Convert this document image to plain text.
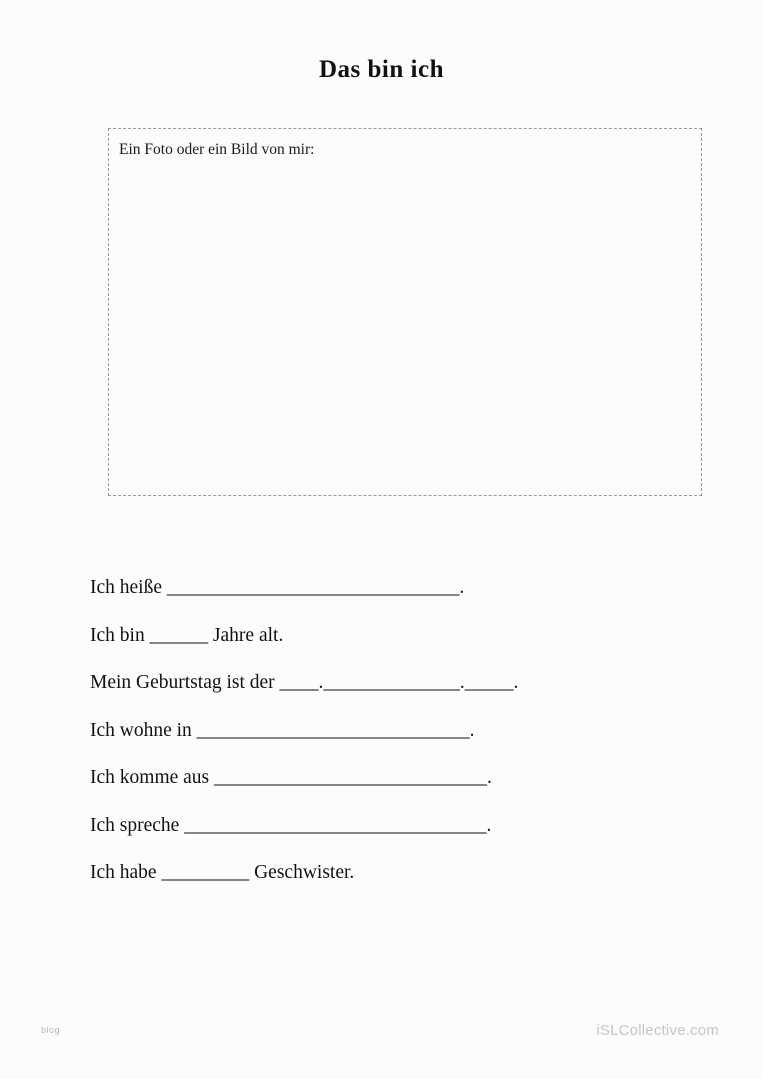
Das bin ich
Ein Foto oder ein Bild von mir:
Ich heiße ______________________________.
Ich bin ______ Jahre alt.
Mein Geburtstag ist der ____.______________._____.
Ich wohne in ____________________________.
Ich komme aus ____________________________.
Ich spreche _______________________________.
Ich habe _________ Geschwister.
blog	iSLCollective.com
